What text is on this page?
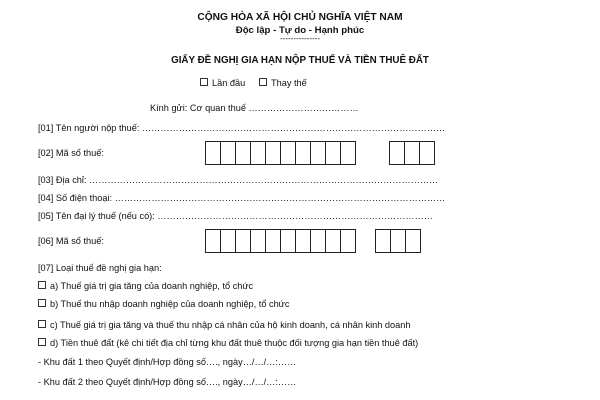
CỘNG HÒA XÃ HỘI CHỦ NGHĨA VIỆT NAM
Độc lập - Tự do - Hạnh phúc
---------------
GIẤY ĐỀ NGHỊ GIA HẠN NỘP THUẾ VÀ TIỀN THUÊ ĐẤT
Lần đầu	Thay thế
Kính gửi: Cơ quan thuế ………………………………
[01] Tên người nộp thuế: ………………………………………………………………………………………
[02] Mã số thuế:
[03] Địa chỉ: ……………………………………………………………………………………………………
[04] Số điện thoại: ………………………………………………………………………………………………
[05] Tên đại lý thuế (nếu có): ………………………………………………………………………………
[06] Mã số thuế:
[07] Loại thuế đề nghị gia hạn:
a) Thuế giá trị gia tăng của doanh nghiệp, tổ chức
b) Thuế thu nhập doanh nghiệp của doanh nghiệp, tổ chức
c) Thuế giá trị gia tăng và thuế thu nhập cá nhân của hộ kinh doanh, cá nhân kinh doanh
d) Tiền thuê đất (kê chi tiết địa chỉ từng khu đất thuê thuộc đối tượng gia hạn tiền thuê đất)
- Khu đất 1 theo Quyết định/Hợp đồng số…., ngày…/…/…:……
- Khu đất 2 theo Quyết định/Hợp đồng số…., ngày…/…/…:……
